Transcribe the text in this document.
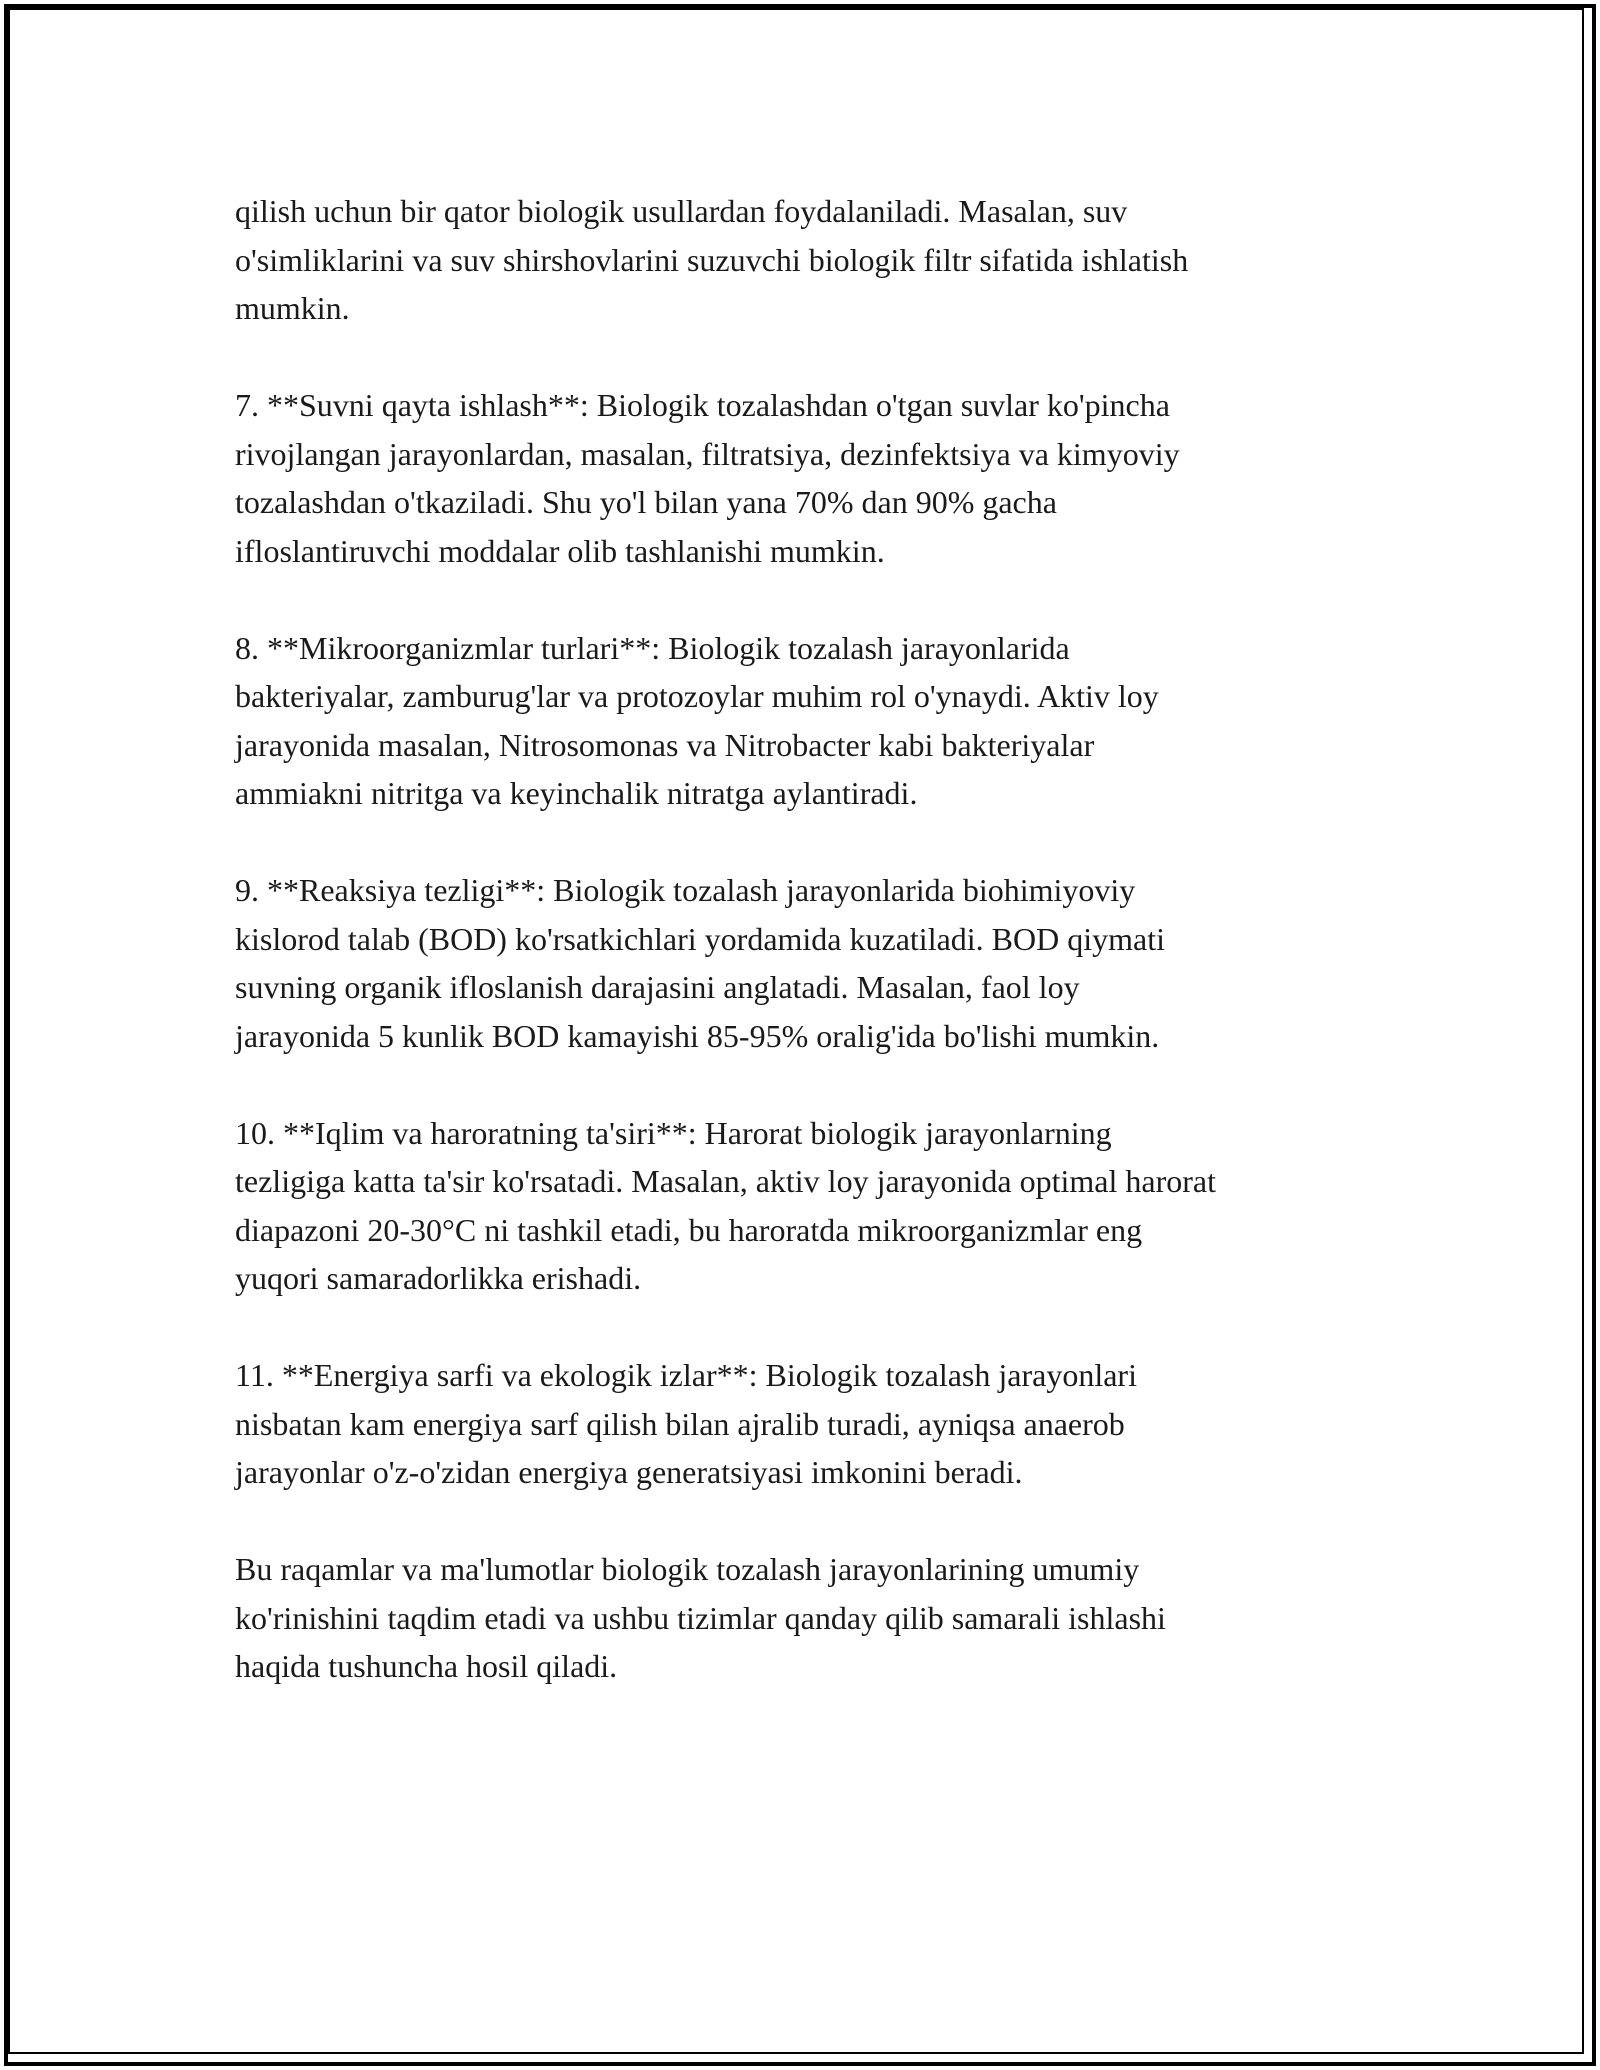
qilish uchun bir qator biologik usullardan foydalaniladi. Masalan, suv
o'simliklarini va suv shirshovlarini suzuvchi biologik filtr sifatida ishlatish
mumkin.

7. **Suvni qayta ishlash**: Biologik tozalashdan o'tgan suvlar ko'pincha
rivojlangan jarayonlardan, masalan, filtratsiya, dezinfektsiya va kimyoviy
tozalashdan o'tkaziladi. Shu yo'l bilan yana 70% dan 90% gacha
ifloslantiruvchi moddalar olib tashlanishi mumkin.

8. **Mikroorganizmlar turlari**: Biologik tozalash jarayonlarida
bakteriyalar, zamburug'lar va protozoylar muhim rol o'ynaydi. Aktiv loy
jarayonida masalan, Nitrosomonas va Nitrobacter kabi bakteriyalar
ammiakni nitritga va keyinchalik nitratga aylantiradi.

9. **Reaksiya tezligi**: Biologik tozalash jarayonlarida biohimiyoviy
kislorod talab (BOD) ko'rsatkichlari yordamida kuzatiladi. BOD qiymati
suvning organik ifloslanish darajasini anglatadi. Masalan, faol loy
jarayonida 5 kunlik BOD kamayishi 85-95% oralig'ida bo'lishi mumkin.

10. **Iqlim va haroratning ta'siri**: Harorat biologik jarayonlarning
tezligiga katta ta'sir ko'rsatadi. Masalan, aktiv loy jarayonida optimal harorat
diapazoni 20-30°C ni tashkil etadi, bu haroratda mikroorganizmlar eng
yuqori samaradorlikka erishadi.

11. **Energiya sarfi va ekologik izlar**: Biologik tozalash jarayonlari
nisbatan kam energiya sarf qilish bilan ajralib turadi, ayniqsa anaerob
jarayonlar o'z-o'zidan energiya generatsiyasi imkonini beradi.

Bu raqamlar va ma'lumotlar biologik tozalash jarayonlarining umumiy
ko'rinishini taqdim etadi va ushbu tizimlar qanday qilib samarali ishlashi
haqida tushuncha hosil qiladi.
